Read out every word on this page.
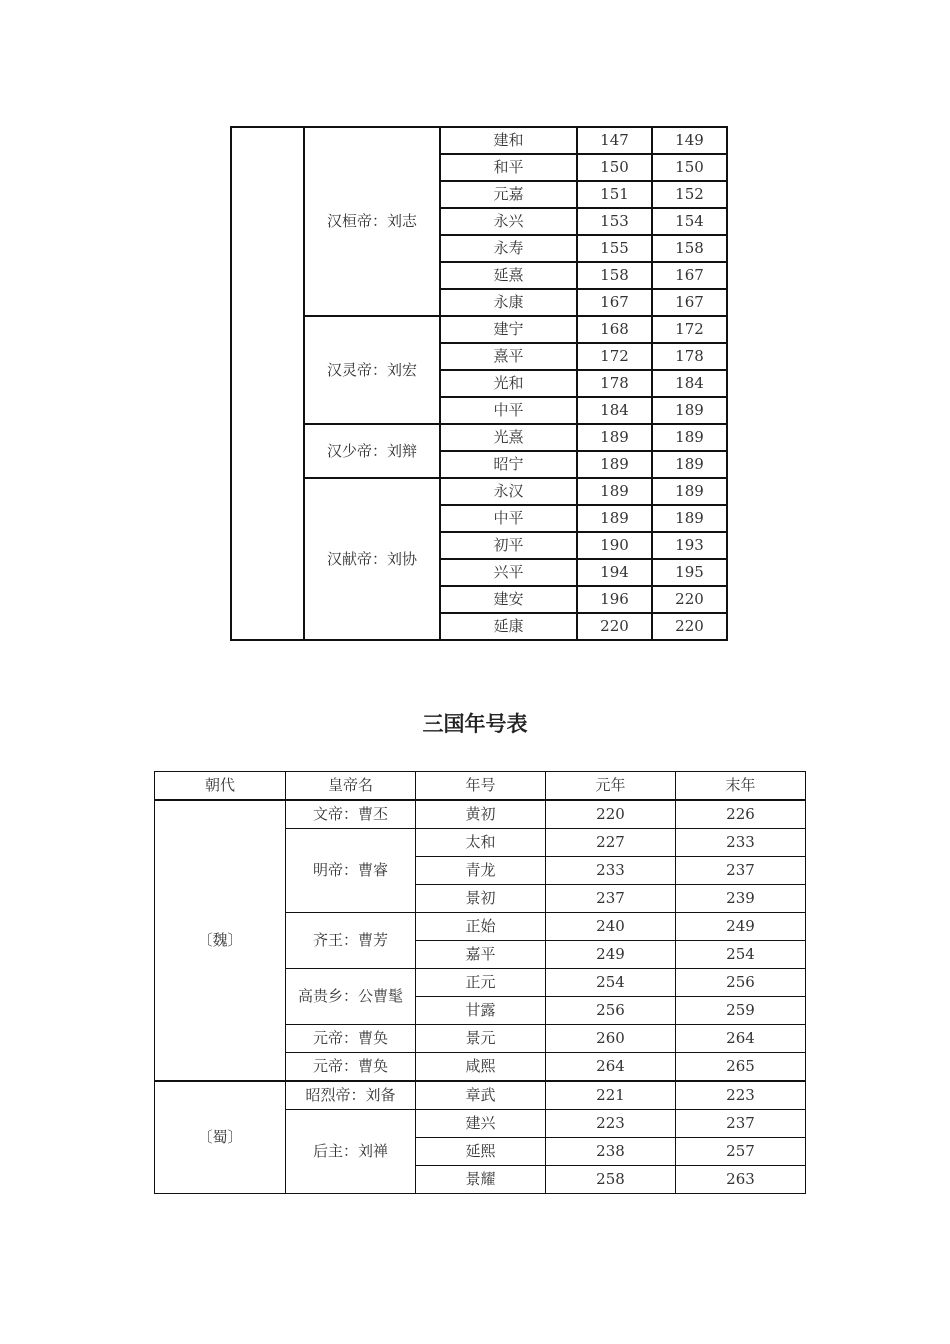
	汉桓帝：刘志	建和	147	149
		和平	150	150
		元嘉	151	152
		永兴	153	154
		永寿	155	158
		延熹	158	167
		永康	167	167
	汉灵帝：刘宏	建宁	168	172
		熹平	172	178
		光和	178	184
		中平	184	189
	汉少帝：刘辩	光熹	189	189
		昭宁	189	189
	汉献帝：刘协	永汉	189	189
		中平	189	189
		初平	190	193
		兴平	194	195
		建安	196	220
		延康	220	220
三国年号表
朝代	皇帝名	年号	元年	末年
〔魏〕	文帝：曹丕	黄初	220	226
	明帝：曹睿	太和	227	233
		青龙	233	237
		景初	237	239
	齐王：曹芳	正始	240	249
		嘉平	249	254
	高贵乡：公曹髦	正元	254	256
		甘露	256	259
	元帝：曹奂	景元	260	264
	元帝：曹奂	咸熙	264	265
〔蜀〕	昭烈帝：刘备	章武	221	223
	后主：刘禅	建兴	223	237
		延熙	238	257
		景耀	258	263
